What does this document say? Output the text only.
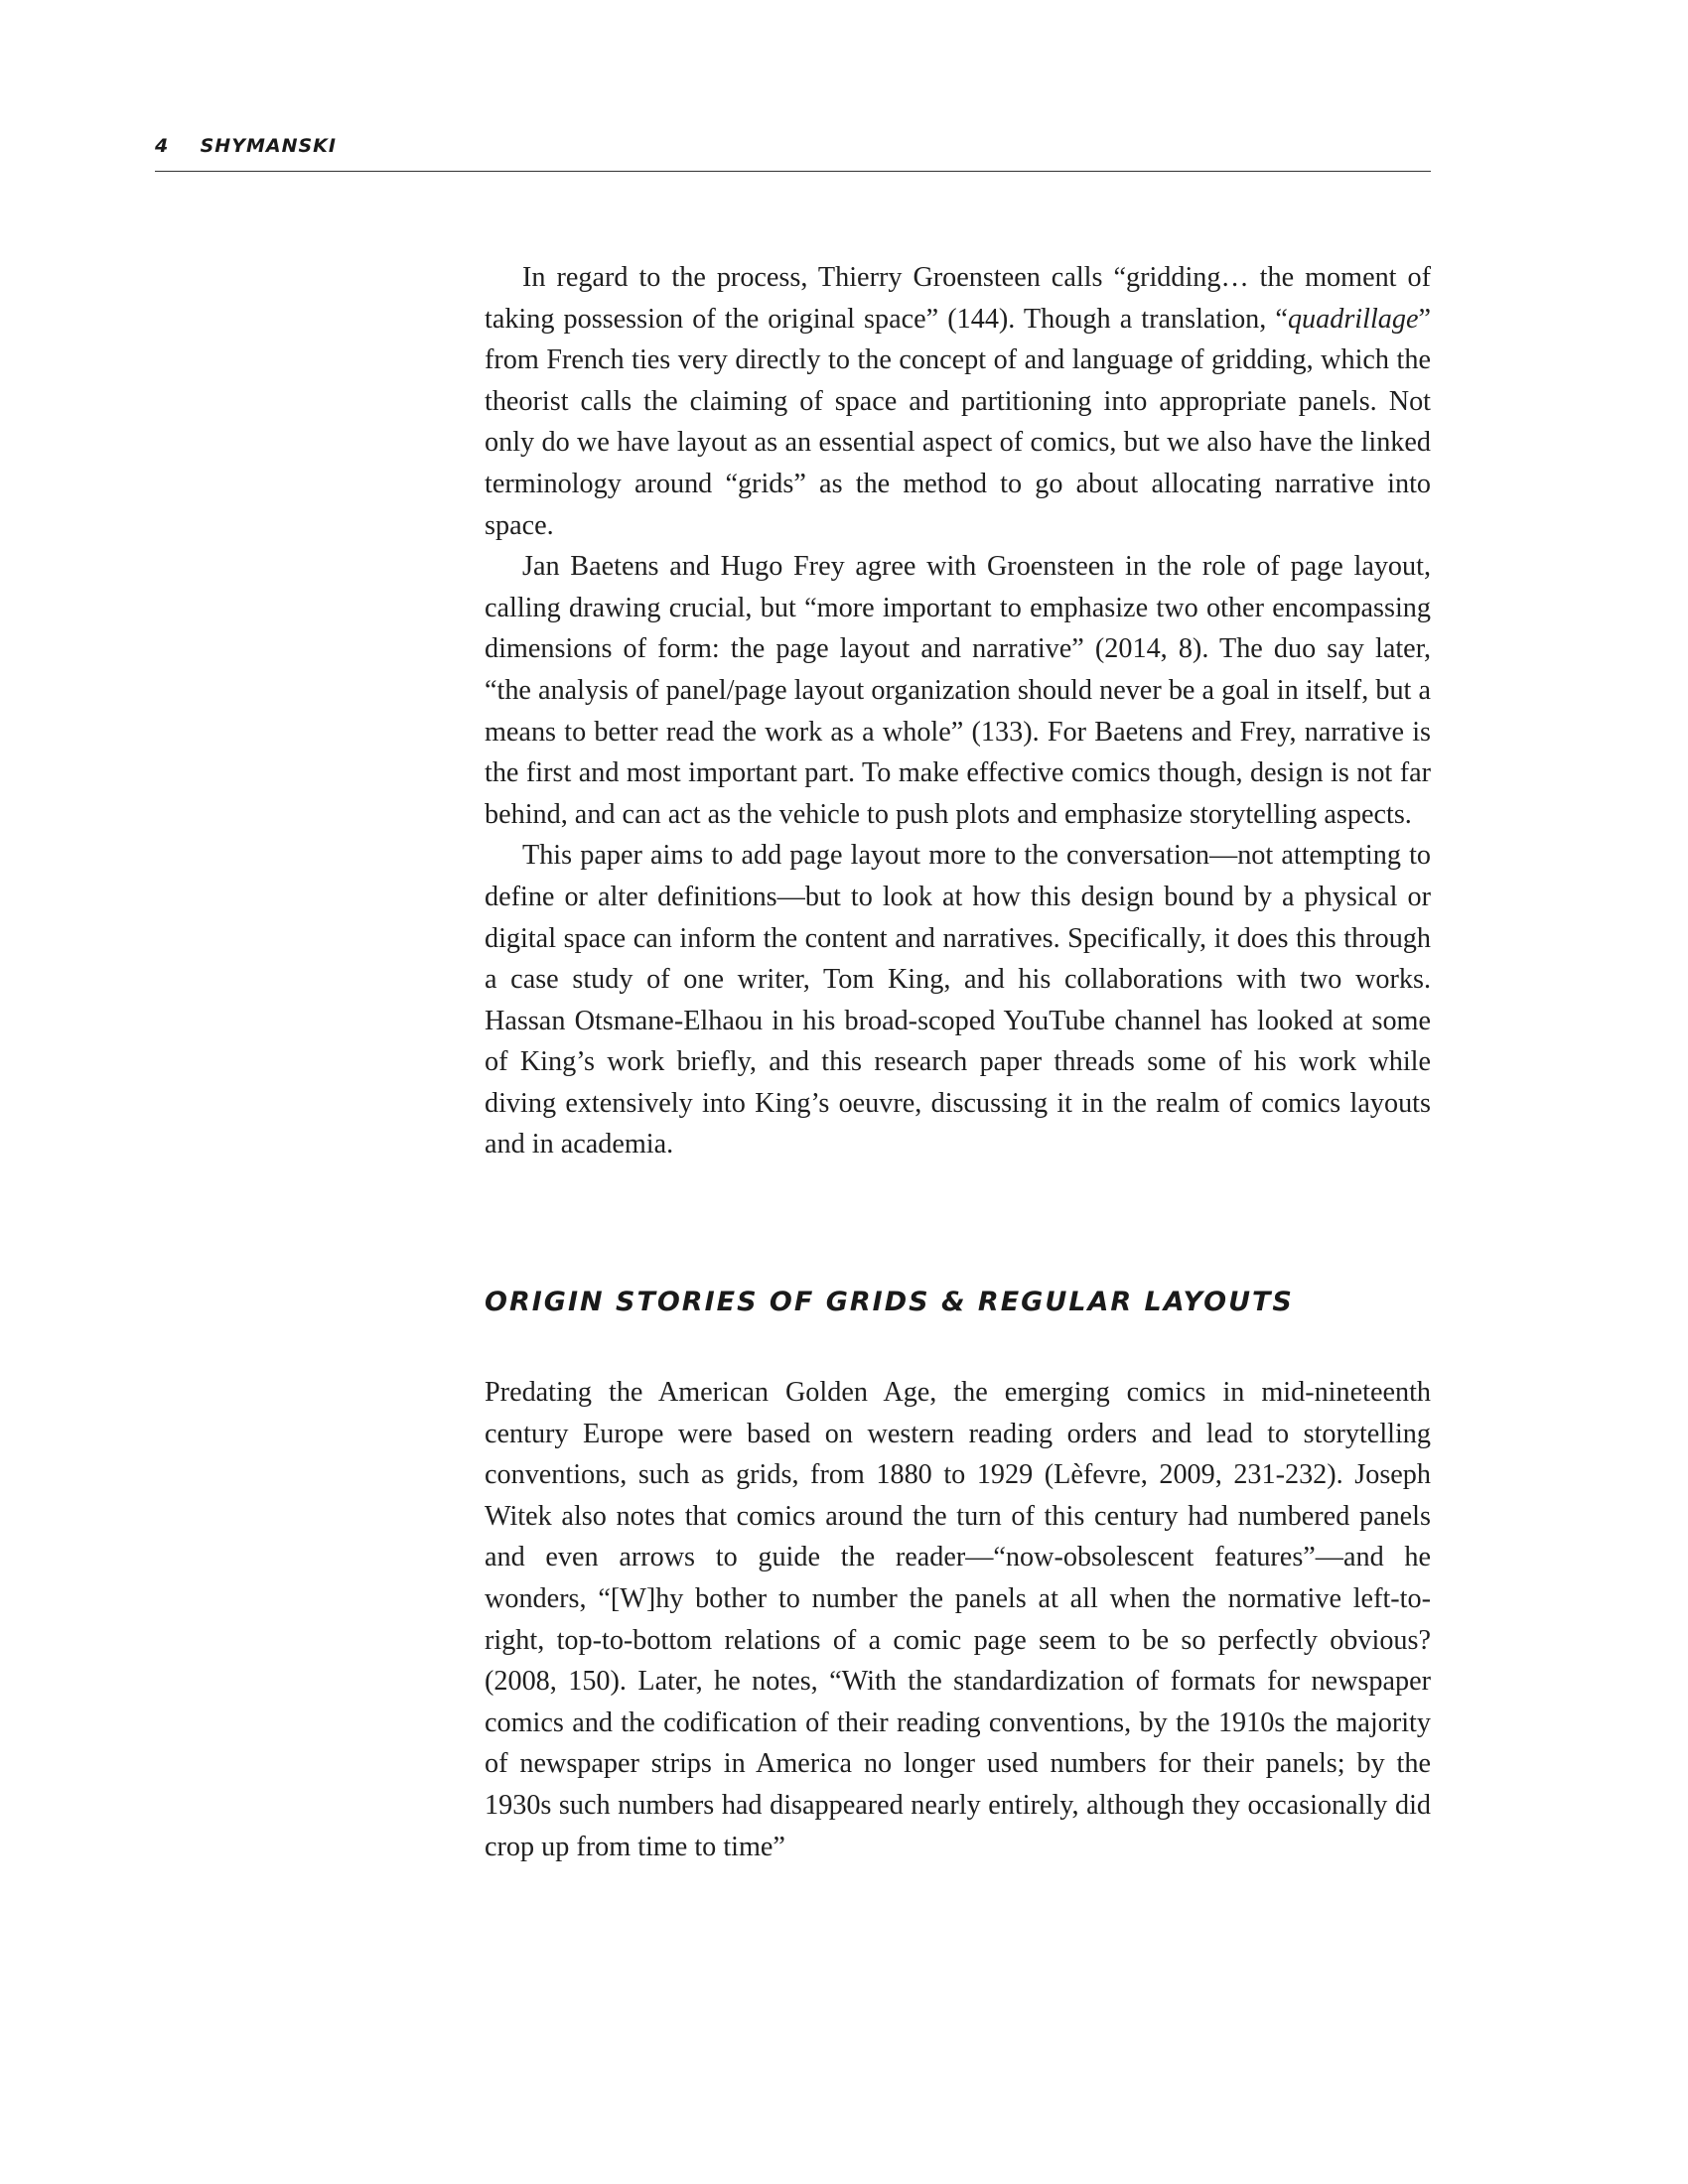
4 SHYMANSKI

In regard to the process, Thierry Groensteen calls “gridding… the moment of taking possession of the original space” (144). Though a translation, “quadrillage” from French ties very directly to the concept of and language of gridding, which the theorist calls the claiming of space and partitioning into appropriate panels. Not only do we have layout as an essential aspect of comics, but we also have the linked terminology around “grids” as the method to go about allocating narrative into space.

Jan Baetens and Hugo Frey agree with Groensteen in the role of page layout, calling drawing crucial, but “more important to emphasize two other encompassing dimensions of form: the page layout and narrative” (2014, 8). The duo say later, “the analysis of panel/page layout organization should never be a goal in itself, but a means to better read the work as a whole” (133). For Baetens and Frey, narrative is the first and most important part. To make effective comics though, design is not far behind, and can act as the vehicle to push plots and emphasize storytelling aspects.

This paper aims to add page layout more to the conversation—not attempting to define or alter definitions—but to look at how this design bound by a physical or digital space can inform the content and narratives. Specifically, it does this through a case study of one writer, Tom King, and his collaborations with two works. Hassan Otsmane-Elhaou in his broad-scoped YouTube channel has looked at some of King’s work briefly, and this research paper threads some of his work while diving extensively into King’s oeuvre, discussing it in the realm of comics layouts and in academia.

ORIGIN STORIES OF GRIDS & REGULAR LAYOUTS

Predating the American Golden Age, the emerging comics in mid-nineteenth century Europe were based on western reading orders and lead to storytelling conventions, such as grids, from 1880 to 1929 (Lèfevre, 2009, 231-232). Joseph Witek also notes that comics around the turn of this century had numbered panels and even arrows to guide the reader—“now-obsolescent features”—and he wonders, “[W]hy bother to number the panels at all when the normative left-to-right, top-to-bottom relations of a comic page seem to be so perfectly obvious? (2008, 150). Later, he notes, “With the standardization of formats for newspaper comics and the codification of their reading conventions, by the 1910s the majority of newspaper strips in America no longer used numbers for their panels; by the 1930s such numbers had disappeared nearly entirely, although they occasionally did crop up from time to time”
